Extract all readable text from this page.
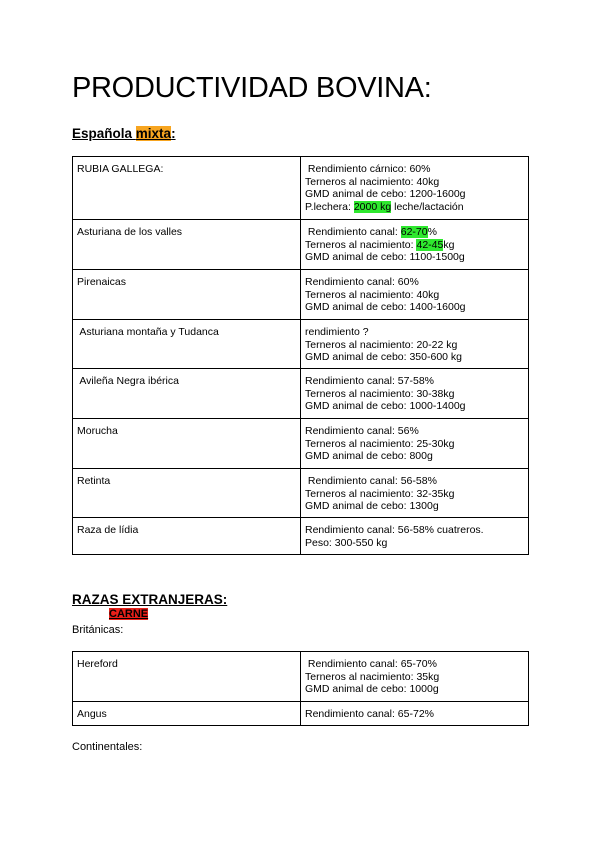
PRODUCTIVIDAD BOVINA:
Española mixta:
RUBIA GALLEGA:	Rendimiento cárnico: 60%
Terneros al nacimiento: 40kg
GMD animal de cebo: 1200-1600g
P.lechera: 2000 kg leche/lactación

Asturiana de los valles	Rendimiento canal: 62-70%
Terneros al nacimiento: 42-45kg
GMD animal de cebo: 1100-1500g

Pirenaicas	Rendimiento canal: 60%
Terneros al nacimiento: 40kg
GMD animal de cebo: 1400-1600g

Asturiana montaña y Tudanca	rendimiento ?
Terneros al nacimiento: 20-22 kg
GMD animal de cebo: 350-600 kg

Avileña Negra ibérica	Rendimiento canal: 57-58%
Terneros al nacimiento: 30-38kg
GMD animal de cebo: 1000-1400g

Morucha	Rendimiento canal: 56%
Terneros al nacimiento: 25-30kg
GMD animal de cebo: 800g

Retinta	Rendimiento canal: 56-58%
Terneros al nacimiento: 32-35kg
GMD animal de cebo: 1300g

Raza de lídia	Rendimiento canal: 56-58% cuatreros.
Peso: 300-550 kg
RAZAS EXTRANJERAS:
CARNE
Británicas:
Hereford	Rendimiento canal: 65-70%
Terneros al nacimiento: 35kg
GMD animal de cebo: 1000g

Angus	Rendimiento canal: 65-72%
Continentales:
